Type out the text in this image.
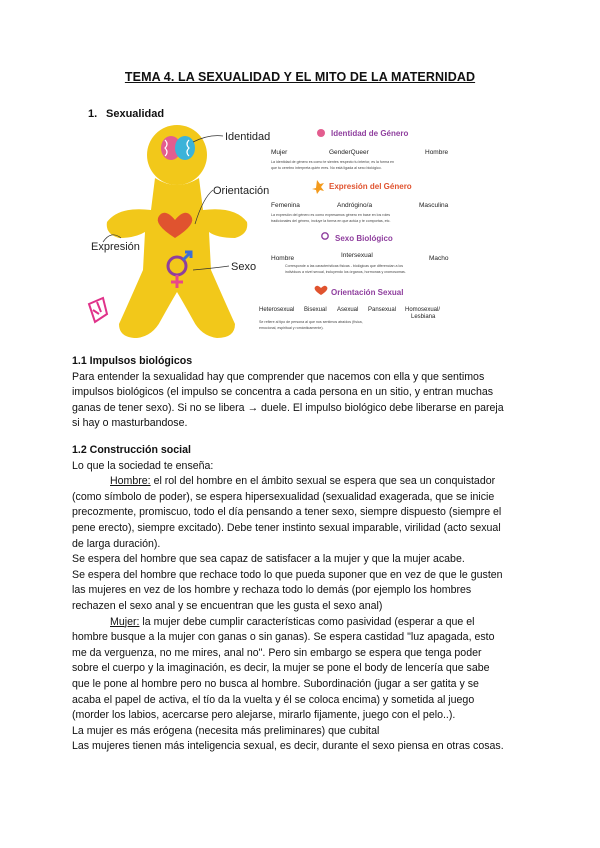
TEMA 4. LA SEXUALIDAD Y EL MITO DE LA MATERNIDAD
1. Sexualidad
Identidad
Orientación
Expresión
Sexo
Identidad de Género
Mujer	GenderQueer	Hombre
La identidad de género es como te sientes respecto tu interior, es la forma en
que tu cerebro interpreta quién eres. No está ligada al sexo biológico.
Expresión del Género
Femenina	Andrógino/a	Masculina
La expresión del género es como expresamos género en base en los roles
tradicionales del género, incluye la forma en que actúa y te comportas, etc.
Sexo Biológico
Hombre	Intersexual	Macho
Corresponde a las características físicas - biológicas que diferencian a los
individuos a nivel sexual, incluyendo los órganos, hormonas y cromosomas.
Orientación Sexual
Heterosexual Bisexual Asexual Pansexual Homosexual/
Lesbiana
Se refiere al tipo de persona al que nos sentimos atraídos (física,
emocional, espiritual y románticamente).

1.1 Impulsos biológicos

Para entender la sexualidad hay que comprender que nacemos con ella y que sentimos

impulsos biológicos (el impulso se concentra a cada persona en un sitio, y entran muchas

ganas de tener sexo). Si no se libera → duele. El impulso biológico debe liberarse en pareja

si hay o masturbandose.

1.2 Construcción social

Lo que la sociedad te enseña:

Hombre: el rol del hombre en el ámbito sexual se espera que sea un conquistador

(como símbolo de poder), se espera hipersexualidad (sexualidad exagerada, que se inicie

precozmente, promiscuo, todo el día pensando a tener sexo, siempre dispuesto (siempre el

pene erecto), siempre excitado). Debe tener instinto sexual imparable, virilidad (acto sexual

de larga duración).

Se espera del hombre que sea capaz de satisfacer a la mujer y que la mujer acabe.

Se espera del hombre que rechace todo lo que pueda suponer que en vez de que le gusten

las mujeres en vez de los hombre y rechaza todo lo demás (por ejemplo los hombres

rechazen el sexo anal y se encuentran que les gusta el sexo anal)

Mujer: la mujer debe cumplir características como pasividad (esperar a que el

hombre busque a la mujer con ganas o sin ganas). Se espera castidad "luz apagada, esto

me da verguenza, no me mires, anal no". Pero sin embargo se espera que tenga poder

sobre el cuerpo y la imaginación, es decir, la mujer se pone el body de lencería que sabe

que le pone al hombre pero no busca al hombre. Subordinación (jugar a ser gatita y se

acaba el papel de activa, el tío da la vuelta y él se coloca encima) y sometida al juego

(morder los labios, acercarse pero alejarse, mirarlo fijamente, juego con el pelo..).

La mujer es más erógena (necesita más preliminares) que cubital

Las mujeres tienen más inteligencia sexual, es decir, durante el sexo piensa en otras cosas.
